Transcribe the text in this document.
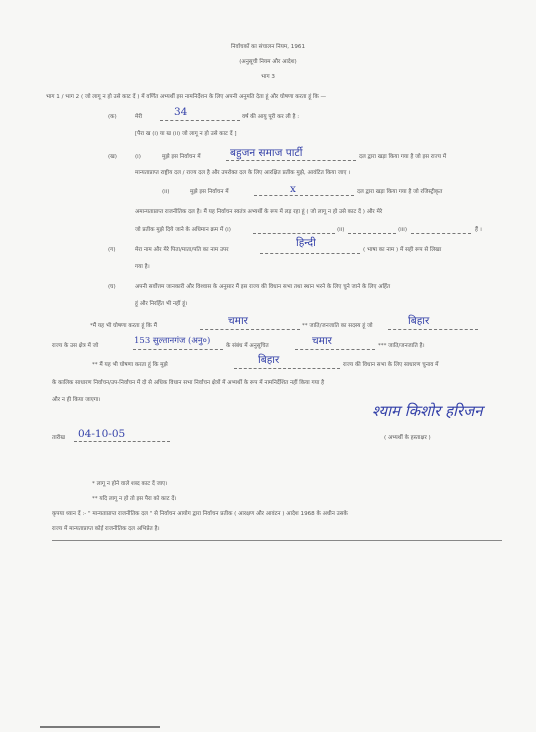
निर्वाचकों का संचालन नियम, 1961
(अनुसूची नियम और आदेश)
भाग 3
भाग 1 / भाग 2 ( जो लागू न हो उसे काट दें ) में वर्णित अभ्यर्थी इस नामनिर्देशन के लिए अपनी अनुमति देता हूं और घोषणा करता हूं कि —
(क)	मेरी	34	वर्ष की आयु पूरी कर ली है :
[पैरा ख (i) या ख (ii) जो लागू न हो उसे काट दें ]
(ख)	(i)	मुझे इस निर्वाचन में	बहुजन समाज पार्टी	दल द्वारा खड़ा किया गया है जो इस राज्य में
मान्यताप्राप्त राष्ट्रीय दल / राज्य दल है और उपरोक्त दल के लिए आरक्षित प्रतीक मुझे, आवंटित किया जाए ।
(ii)	मुझे इस निर्वाचन में	x	दल द्वारा खड़ा किया गया है जो रजिस्ट्रीकृत
अमान्यताप्राप्त राजनीतिक दल है। मैं यह निर्वाचन स्वतंत्र अभ्यर्थी के रूप में लड़ रहा हूं ( जो लागू न हो उसे काट दें ) और मेरे
जो प्रतीक मुझे दिये जाने के अधिमान क्रम में (i)	(ii)	(iii)	हैं ।
(ग)	मेरा नाम और मेरे पिता/माता/पति का नाम उपर
हिन्दी
( भाषा का नाम ) में सही रूप से लिखा
गया है।
(घ)	अपनी सर्वोत्तम जानकारी और विश्वास के अनुसार मैं इस राज्य की विधान सभा तथा स्थान भरने के लिए चुने जाने के लिए अर्हित
हूं और निरर्हित भी नहीं हूं।
*मैं यह भी घोषणा करता हूं कि मैं	चमार	** जाति/जनजाति का सदस्य हूं जो	बिहार
राज्य के उस क्षेत्र में जो	153 सुल्तानगंज (अनु०)	के संबंध में अनुसूचित	चमार	*** जाति/जनजाति है।
** मैं यह भी घोषणा करता हूं कि मुझे	बिहार	राज्य की विधान सभा के लिए साधारण चुनाव में
के कालिक साधारण निर्वाचन/उप-निर्वाचन में दो से अधिक विधान सभा निर्वाचन क्षेत्रों में अभ्यर्थी के रूप में नामनिर्देशित नहीं किया गया है
और न ही किया जाएगा।
श्याम किशोर हरिजन
( अभ्यर्थी के हस्ताक्षर )
तारीख 04-10-05
* लागू न होने वाले शब्द काट दें जाए।
** यदि लागू न हो तो इस पैरा को काट दें।
कृपया ध्यान दें :- " मान्यताप्राप्त राजनीतिक दल " से निर्वाचन आयोग द्वारा निर्वाचन प्रतीक ( आरक्षण और आवंटन ) आदेश 1968 के अधीन उसके
राज्य में मान्यताप्राप्त कोई राजनीतिक दल अभिप्रेत है।
